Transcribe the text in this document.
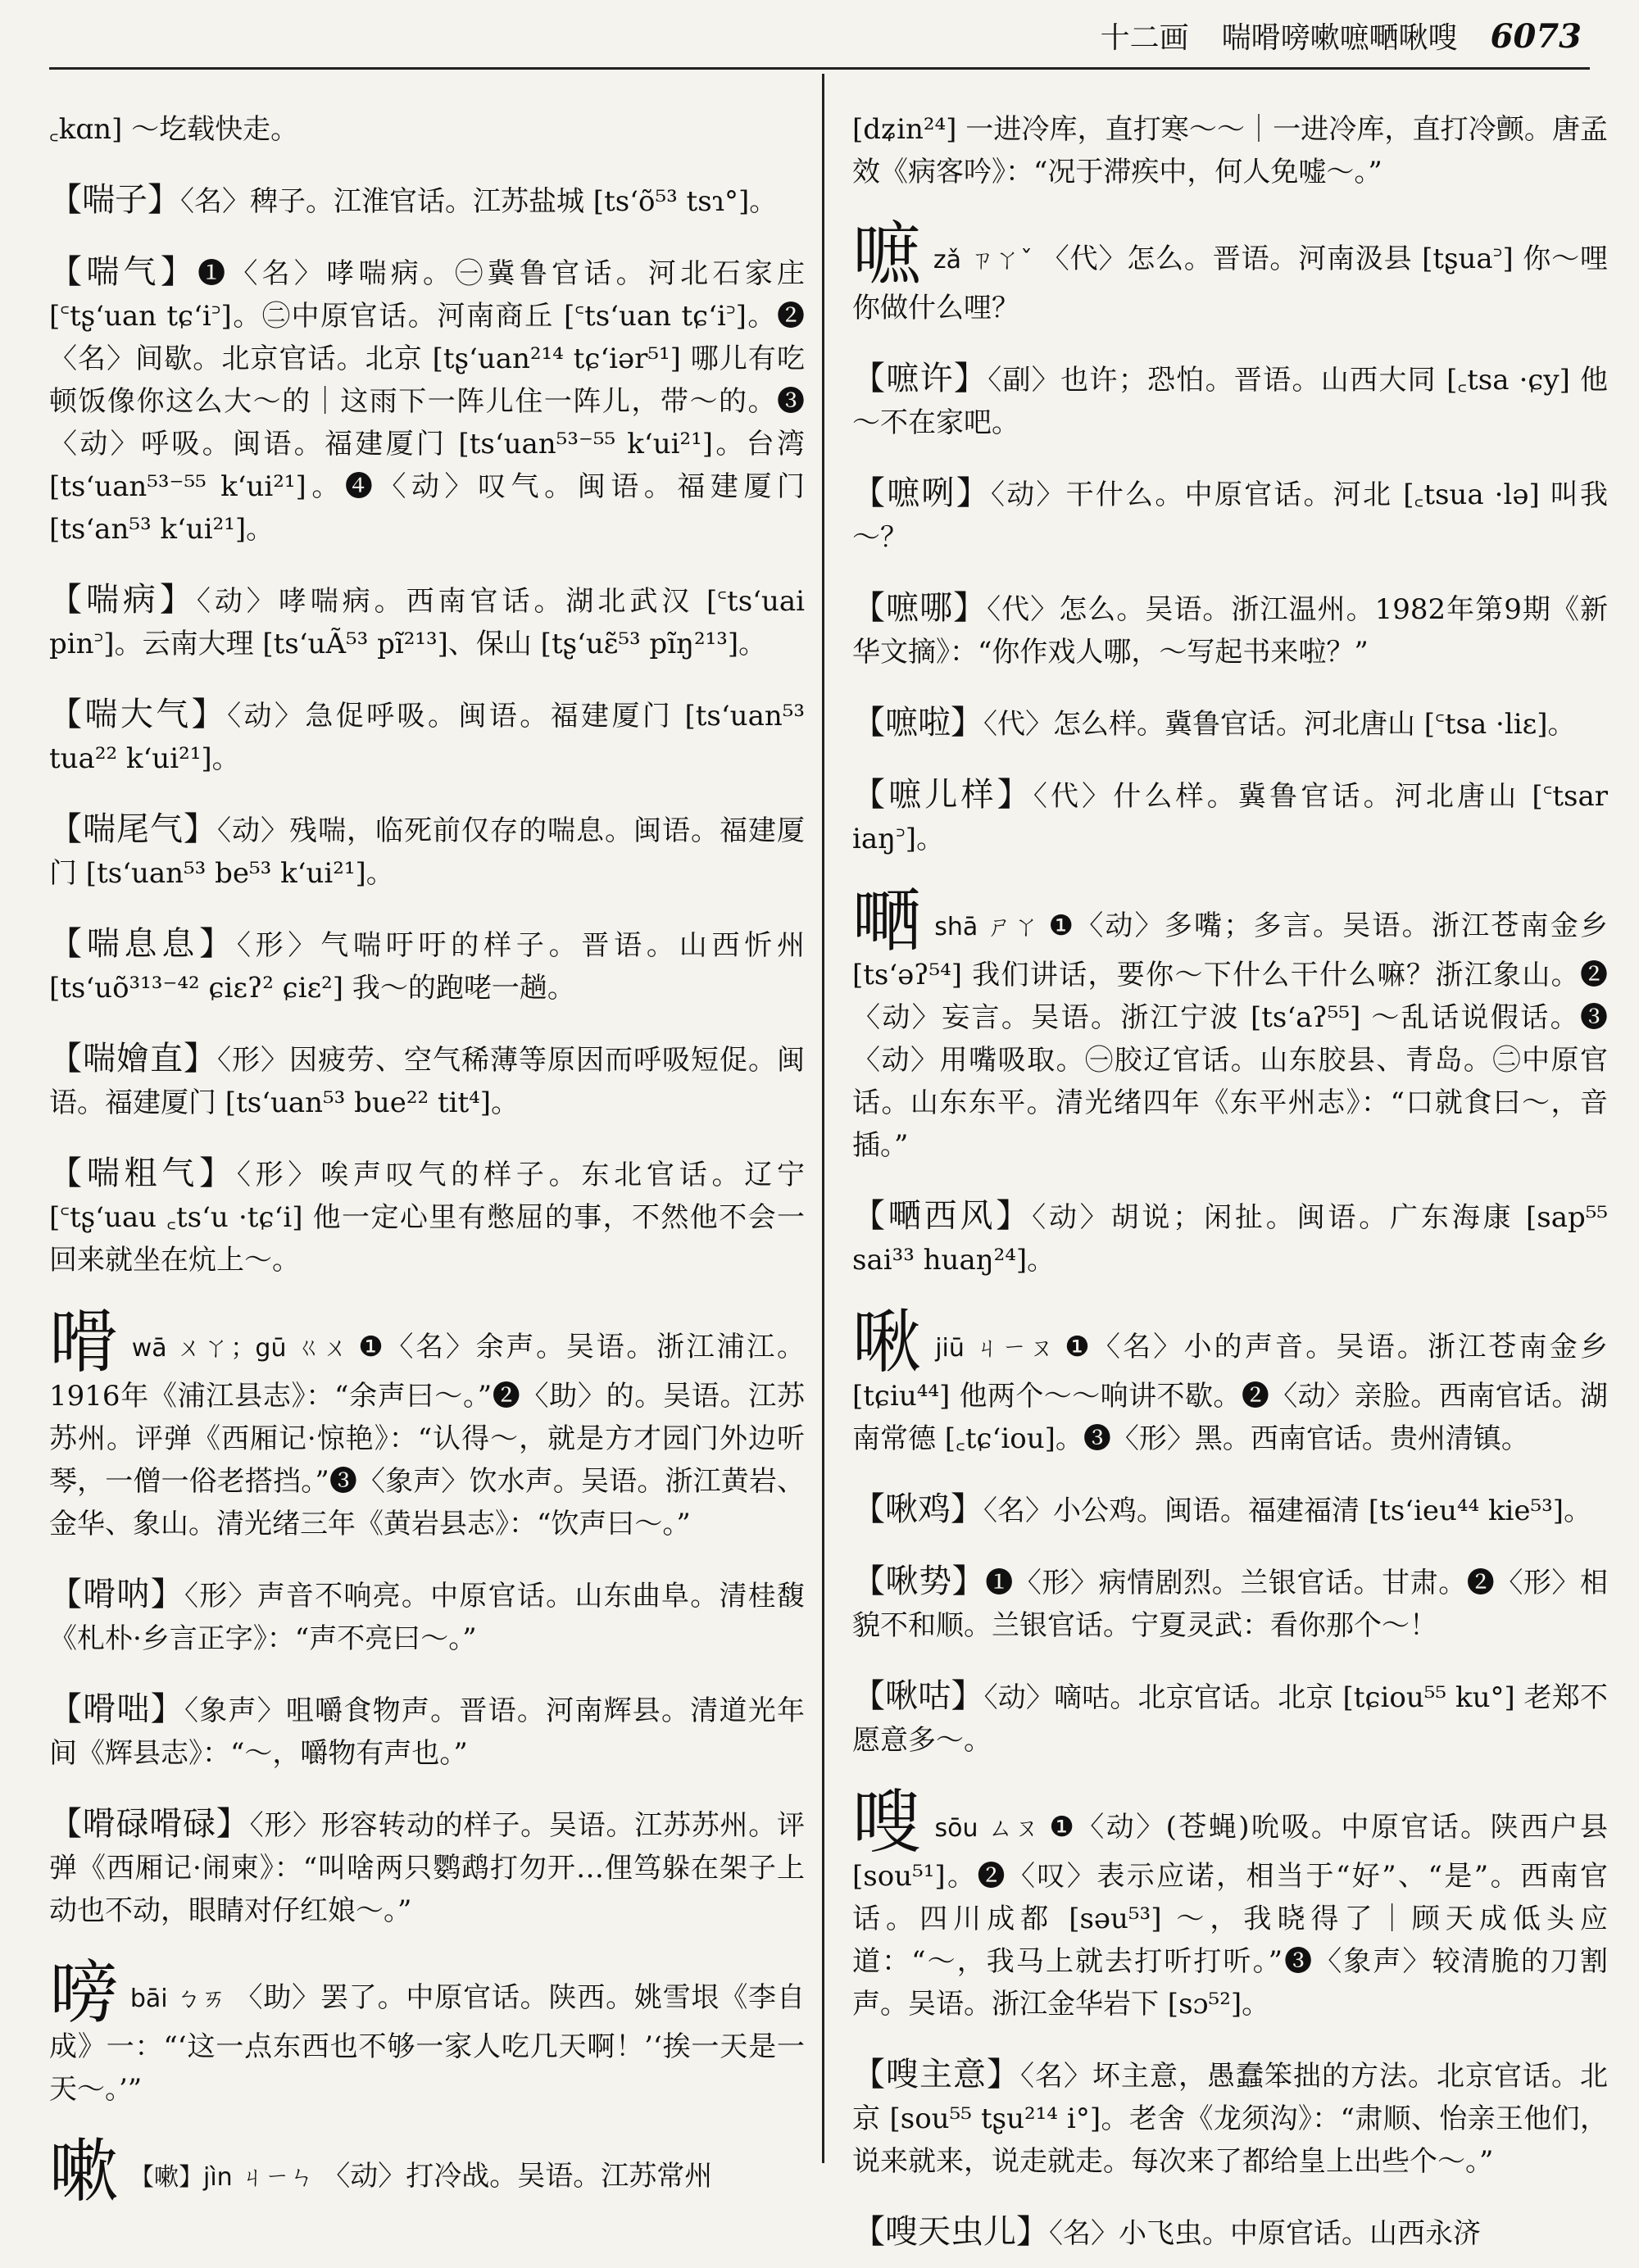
十二画 喘嗗嗙嗽嗻嗮啾嗖 6073

꜀kɑn] ～圪载快走。

【喘子】〈名〉稗子。江淮官话。江苏盐城 [tsʻõ⁵³ tsɿ°]。

【喘气】❶〈名〉哮喘病。㊀冀鲁官话。河北石家庄 [꜂tʂʻuan tɕʻi꜄]。㊁中原官话。河南商丘 [꜂tsʻuan tɕʻi꜄]。❷〈名〉间歇。北京官话。北京 [tʂʻuan²¹⁴ tɕʻiər⁵¹] 哪儿有吃顿饭像你这么大～的｜这雨下一阵儿住一阵儿，带～的。❸〈动〉呼吸。闽语。福建厦门 [tsʻuan⁵³⁻⁵⁵ kʻui²¹]。台湾 [tsʻuan⁵³⁻⁵⁵ kʻui²¹]。❹〈动〉叹气。闽语。福建厦门 [tsʻan⁵³ kʻui²¹]。

【喘病】〈动〉哮喘病。西南官话。湖北武汉 [꜂tsʻuai pin꜄]。云南大理 [tsʻuÃ⁵³ pĩ²¹³]、保山 [tʂʻuɛ̃⁵³ pĩŋ²¹³]。

【喘大气】〈动〉急促呼吸。闽语。福建厦门 [tsʻuan⁵³ tua²² kʻui²¹]。

【喘尾气】〈动〉残喘，临死前仅存的喘息。闽语。福建厦门 [tsʻuan⁵³ be⁵³ kʻui²¹]。

【喘息息】〈形〉气喘吁吁的样子。晋语。山西忻州 [tsʻuõ³¹³⁻⁴² ɕiɛʔ² ɕiɛ²] 我～的跑咾一趟。

【喘嬒直】〈形〉因疲劳、空气稀薄等原因而呼吸短促。闽语。福建厦门 [tsʻuan⁵³ bue²² tit⁴]。

【喘粗气】〈形〉唉声叹气的样子。东北官话。辽宁 [꜂tʂʻuau ꜀tsʻu ·tɕʻi] 他一定心里有憋屈的事，不然他不会一回来就坐在炕上～。

嗗wā ㄨㄚ；gū ㄍㄨ ❶〈名〉余声。吴语。浙江浦江。1916年《浦江县志》：“余声曰～。”❷〈助〉的。吴语。江苏苏州。评弹《西厢记·惊艳》：“认得～，就是方才园门外边听琴，一僧一俗老搭挡。”❸〈象声〉饮水声。吴语。浙江黄岩、金华、象山。清光绪三年《黄岩县志》：“饮声曰～。”

【嗗呐】〈形〉声音不响亮。中原官话。山东曲阜。清桂馥《札朴·乡言正字》：“声不亮曰～。”

【嗗咄】〈象声〉咀嚼食物声。晋语。河南辉县。清道光年间《辉县志》：“～，嚼物有声也。”

【嗗碌嗗碌】〈形〉形容转动的样子。吴语。江苏苏州。评弹《西厢记·闹柬》：“叫啥两只鹦鹉打勿开…俚笃躲在架子上动也不动，眼睛对仔红娘～。”

嗙bāi ㄅㄞ 〈助〉罢了。中原官话。陕西。姚雪垠《李自成》一：“‘这一点东西也不够一家人吃几天啊！’‘挨一天是一天～。’”

嗽 【嗽】jìn ㄐㄧㄣ 〈动〉打冷战。吴语。江苏常州

[dʑin²⁴] 一进冷库，直打寒～～｜一进冷库，直打冷颤。唐孟效《病客吟》：“况于滞疾中，何人免嘘～。”

嗻zǎ ㄗㄚˇ 〈代〉怎么。晋语。河南汲县 [tʂua꜄] 你～哩你做什么哩？

【嗻许】〈副〉也许；恐怕。晋语。山西大同 [꜀tsa ·ɕy] 他～不在家吧。

【嗻咧】〈动〉干什么。中原官话。河北 [꜀tsua ·lə] 叫我～？

【嗻哪】〈代〉怎么。吴语。浙江温州。1982年第9期《新华文摘》：“你作戏人哪，～写起书来啦？”

【嗻啦】〈代〉怎么样。冀鲁官话。河北唐山 [꜂tsa ·liɛ]。

【嗻儿样】〈代〉什么样。冀鲁官话。河北唐山 [꜂tsar iaŋ꜄]。

嗮shā ㄕㄚ ❶〈动〉多嘴；多言。吴语。浙江苍南金乡 [tsʻəʔ⁵⁴] 我们讲话，要你～下什么干什么嘛？浙江象山。❷〈动〉妄言。吴语。浙江宁波 [tsʻaʔ⁵⁵] ～乱话说假话。❸〈动〉用嘴吸取。㊀胶辽官话。山东胶县、青岛。㊁中原官话。山东东平。清光绪四年《东平州志》：“口就食曰～，音插。”

【嗮西风】〈动〉胡说；闲扯。闽语。广东海康 [sap⁵⁵ sai³³ huaŋ²⁴]。

啾jiū ㄐㄧㄡ ❶〈名〉小的声音。吴语。浙江苍南金乡 [tɕiu⁴⁴] 他两个～～响讲不歇。❷〈动〉亲脸。西南官话。湖南常德 [꜀tɕʻiou]。❸〈形〉黑。西南官话。贵州清镇。

【啾鸡】〈名〉小公鸡。闽语。福建福清 [tsʻieu⁴⁴ kie⁵³]。

【啾势】❶〈形〉病情剧烈。兰银官话。甘肃。❷〈形〉相貌不和顺。兰银官话。宁夏灵武：看你那个～！

【啾咕】〈动〉嘀咕。北京官话。北京 [tɕiou⁵⁵ ku°] 老郑不愿意多～。

嗖sōu ㄙㄡ ❶〈动〉(苍蝇)吮吸。中原官话。陕西户县 [sou⁵¹]。❷〈叹〉表示应诺，相当于“好”、“是”。西南官话。四川成都 [səu⁵³] ～，我晓得了｜顾天成低头应道：“～，我马上就去打听打听。”❸〈象声〉较清脆的刀割声。吴语。浙江金华岩下 [sɔ⁵²]。

【嗖主意】〈名〉坏主意，愚蠢笨拙的方法。北京官话。北京 [sou⁵⁵ tʂu²¹⁴ i°]。老舍《龙须沟》：“肃顺、怡亲王他们，说来就来，说走就走。每次来了都给皇上出些个～。”

【嗖天虫儿】〈名〉小飞虫。中原官话。山西永济
